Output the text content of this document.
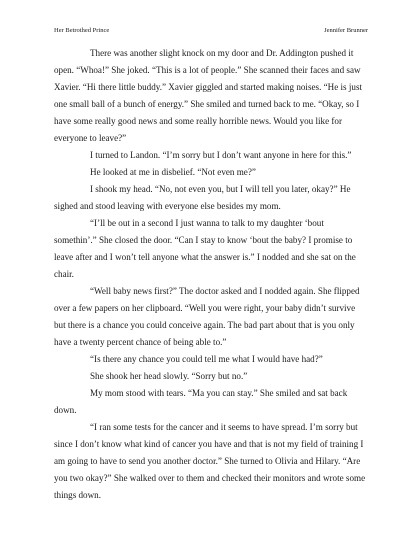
Her Betrothed Prince	Jennifer Brunner

There was another slight knock on my door and Dr. Addington pushed it open. “Whoa!” She joked. “This is a lot of people.” She scanned their faces and saw Xavier. “Hi there little buddy.” Xavier giggled and started making noises. “He is just one small ball of a bunch of energy.” She smiled and turned back to me. “Okay, so I have some really good news and some really horrible news. Would you like for everyone to leave?”

I turned to Landon. “I’m sorry but I don’t want anyone in here for this.”

He looked at me in disbelief. “Not even me?”

I shook my head. “No, not even you, but I will tell you later, okay?” He sighed and stood leaving with everyone else besides my mom.

“I’ll be out in a second I just wanna to talk to my daughter ‘bout somethin’.” She closed the door. “Can I stay to know ‘bout the baby? I promise to leave after and I won’t tell anyone what the answer is.” I nodded and she sat on the chair.

“Well baby news first?” The doctor asked and I nodded again. She flipped over a few papers on her clipboard. “Well you were right, your baby didn’t survive but there is a chance you could conceive again. The bad part about that is you only have a twenty percent chance of being able to.”

“Is there any chance you could tell me what I would have had?”

She shook her head slowly. “Sorry but no.”

My mom stood with tears. “Ma you can stay.” She smiled and sat back down.

“I ran some tests for the cancer and it seems to have spread. I’m sorry but since I don’t know what kind of cancer you have and that is not my field of training I am going to have to send you another doctor.” She turned to Olivia and Hilary. “Are you two okay?” She walked over to them and checked their monitors and wrote some things down.
